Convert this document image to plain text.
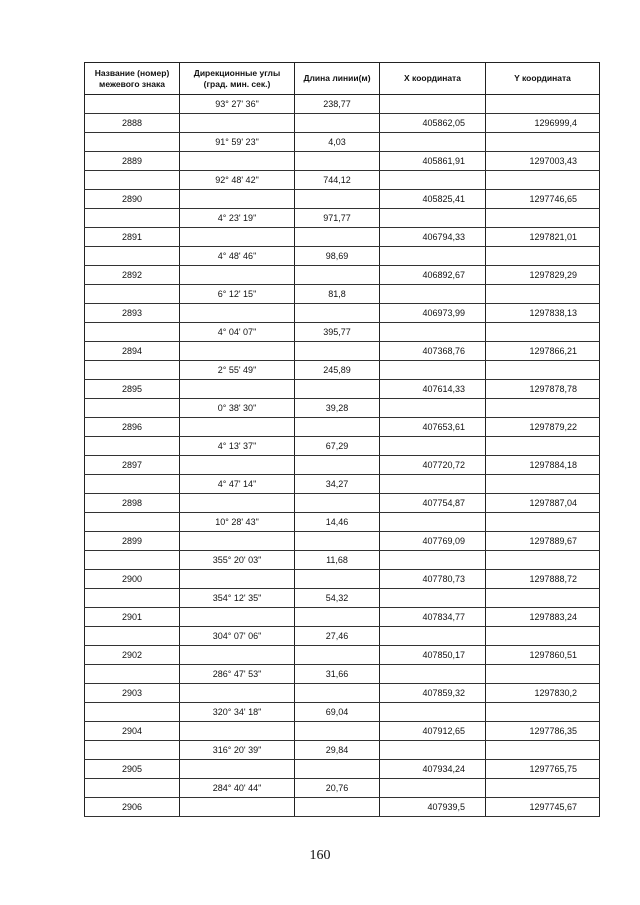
Название (номер) межевого знака	Дирекционные углы (град. мин. сек.)	Длина линии(м)	X координата	Y координата
	93° 27' 36"	238,77		
2888			405862,05	1296999,4
	91° 59' 23"	4,03		
2889			405861,91	1297003,43
	92° 48' 42"	744,12		
2890			405825,41	1297746,65
	4° 23' 19"	971,77		
2891			406794,33	1297821,01
	4° 48' 46"	98,69		
2892			406892,67	1297829,29
	6° 12' 15"	81,8		
2893			406973,99	1297838,13
	4° 04' 07"	395,77		
2894			407368,76	1297866,21
	2° 55' 49"	245,89		
2895			407614,33	1297878,78
	0° 38' 30"	39,28		
2896			407653,61	1297879,22
	4° 13' 37"	67,29		
2897			407720,72	1297884,18
	4° 47' 14"	34,27		
2898			407754,87	1297887,04
	10° 28' 43"	14,46		
2899			407769,09	1297889,67
	355° 20' 03"	11,68		
2900			407780,73	1297888,72
	354° 12' 35"	54,32		
2901			407834,77	1297883,24
	304° 07' 06"	27,46		
2902			407850,17	1297860,51
	286° 47' 53"	31,66		
2903			407859,32	1297830,2
	320° 34' 18"	69,04		
2904			407912,65	1297786,35
	316° 20' 39"	29,84		
2905			407934,24	1297765,75
	284° 40' 44"	20,76		
2906			407939,5	1297745,67
160
